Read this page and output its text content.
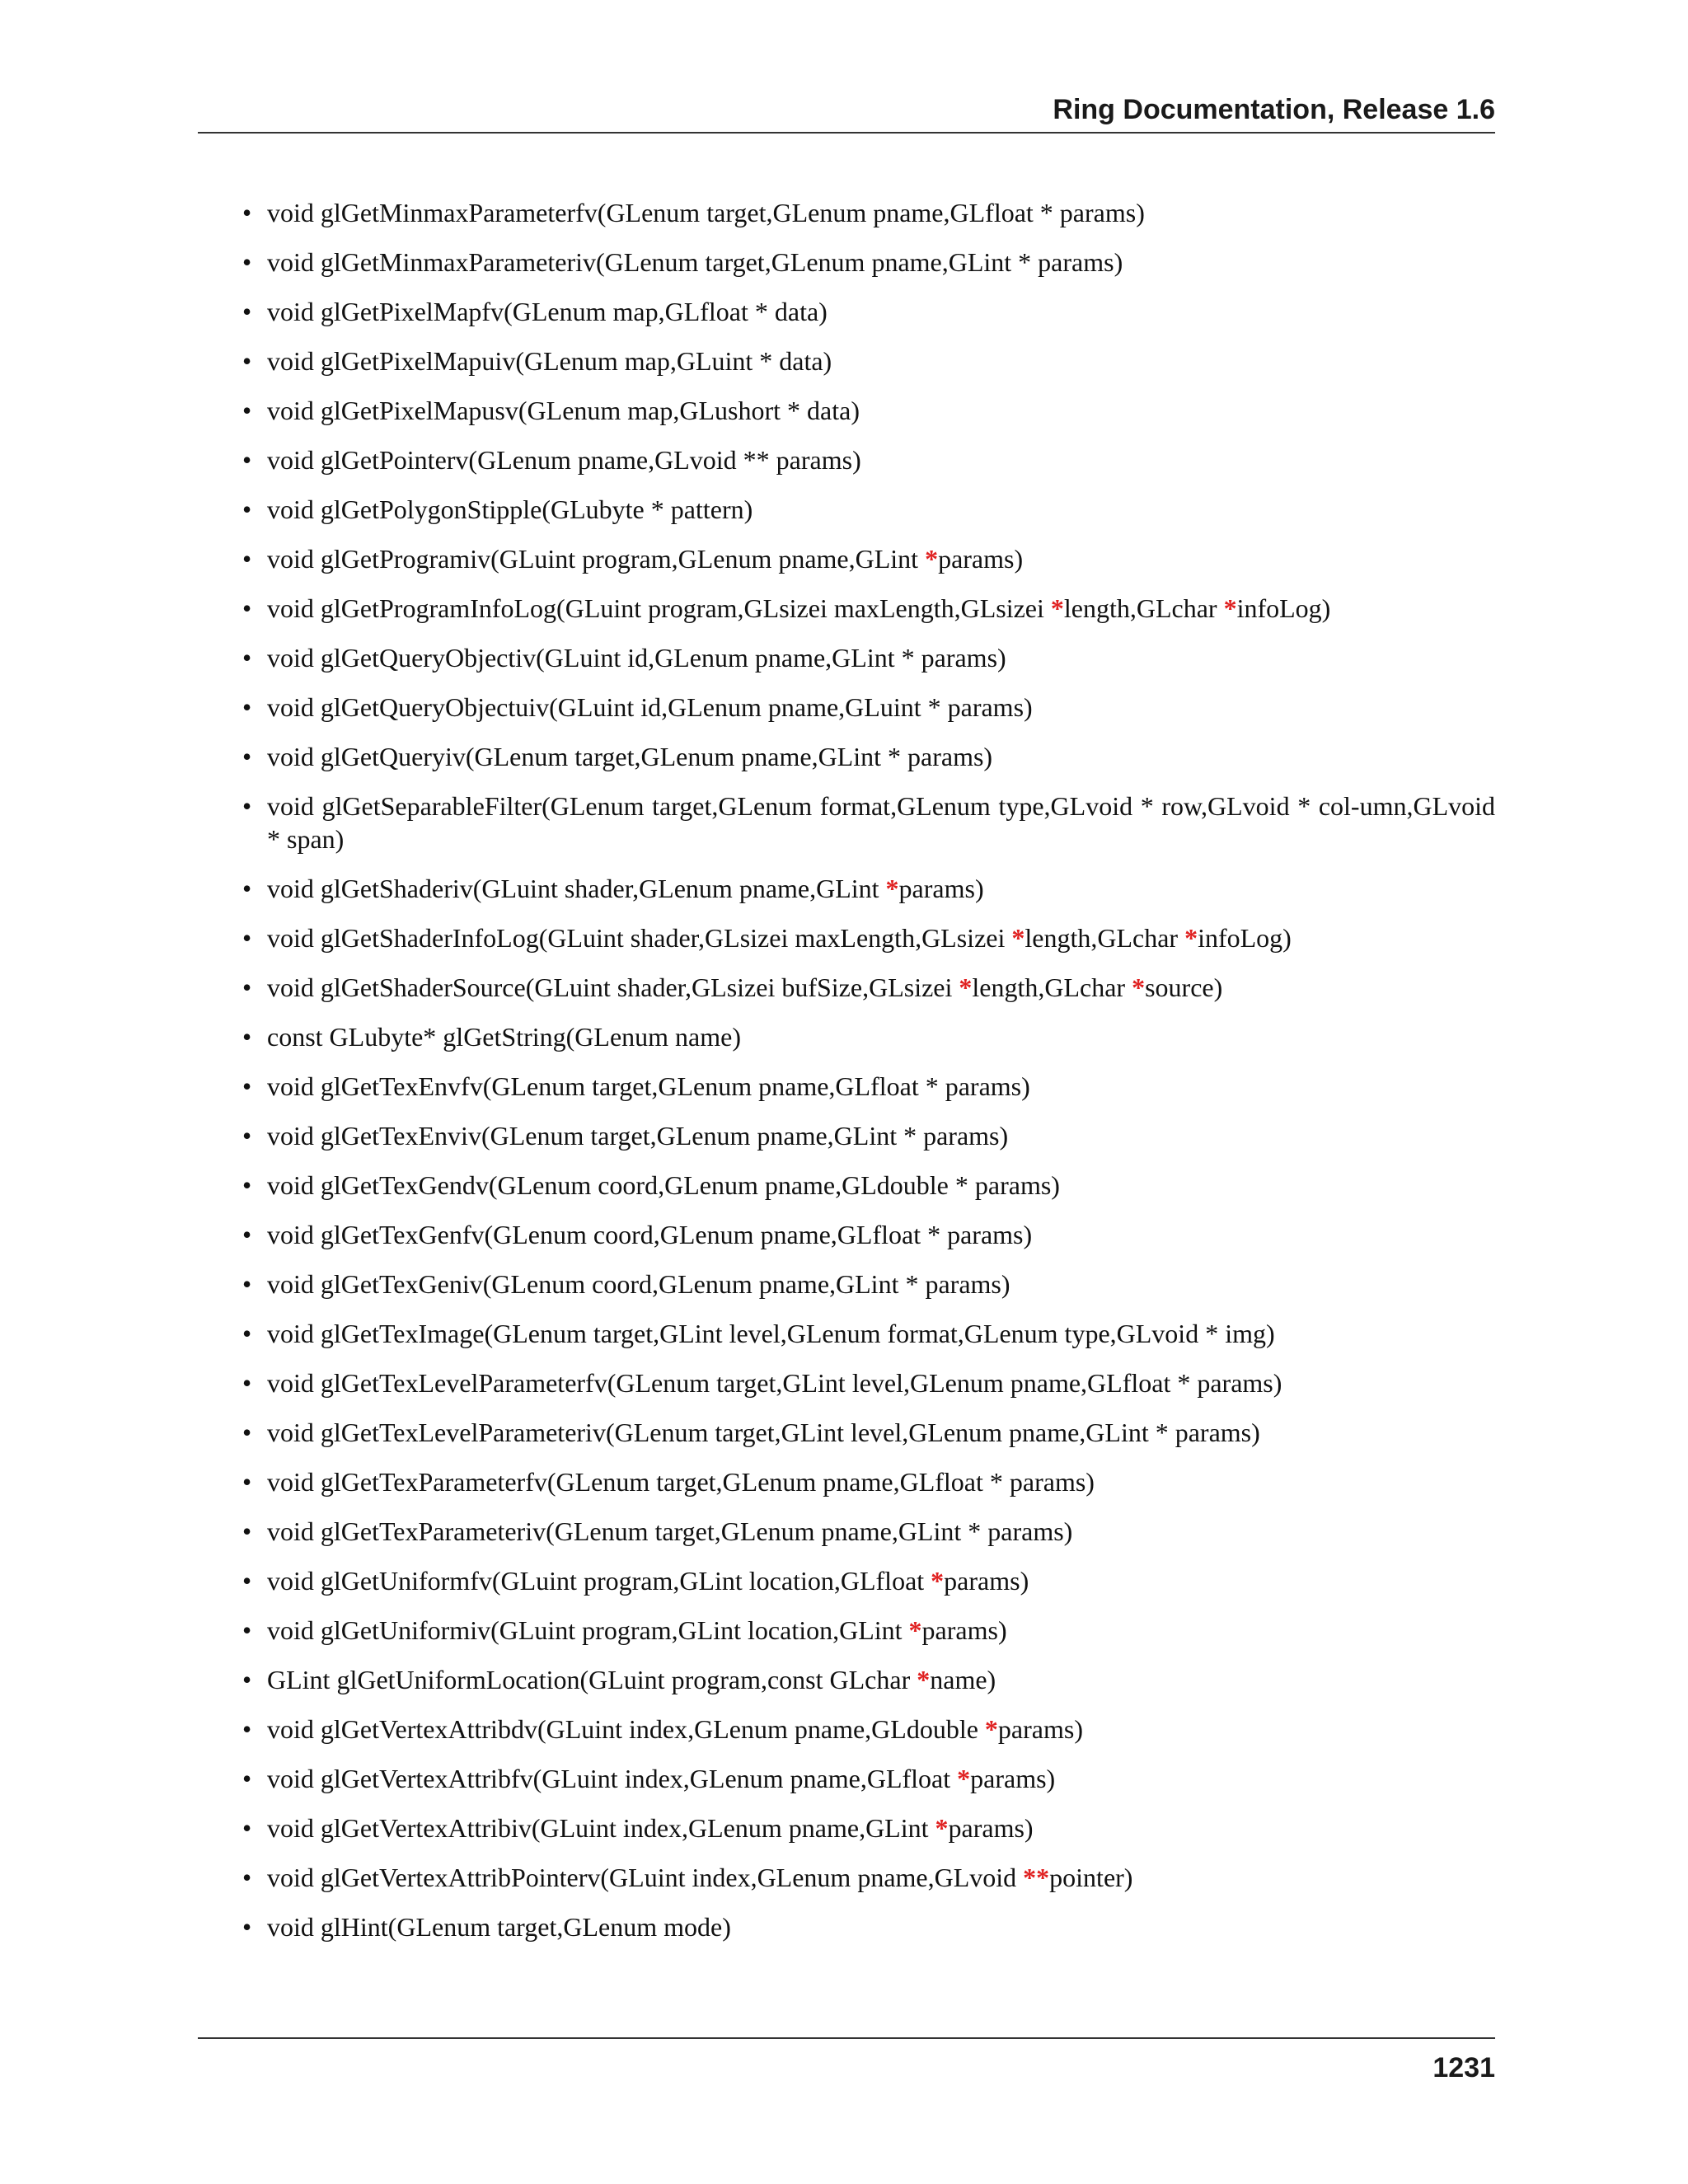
Ring Documentation, Release 1.6
• void glGetMinmaxParameterfv(GLenum target,GLenum pname,GLfloat * params)
• void glGetMinmaxParameteriv(GLenum target,GLenum pname,GLint * params)
• void glGetPixelMapfv(GLenum map,GLfloat * data)
• void glGetPixelMapuiv(GLenum map,GLuint * data)
• void glGetPixelMapusv(GLenum map,GLushort * data)
• void glGetPointerv(GLenum pname,GLvoid ** params)
• void glGetPolygonStipple(GLubyte * pattern)
• void glGetProgramiv(GLuint program,GLenum pname,GLint *params)
• void glGetProgramInfoLog(GLuint program,GLsizei maxLength,GLsizei *length,GLchar *infoLog)
• void glGetQueryObjectiv(GLuint id,GLenum pname,GLint * params)
• void glGetQueryObjectuiv(GLuint id,GLenum pname,GLuint * params)
• void glGetQueryiv(GLenum target,GLenum pname,GLint * params)
• void glGetSeparableFilter(GLenum target,GLenum format,GLenum type,GLvoid * row,GLvoid * col-umn,GLvoid * span)
• void glGetShaderiv(GLuint shader,GLenum pname,GLint *params)
• void glGetShaderInfoLog(GLuint shader,GLsizei maxLength,GLsizei *length,GLchar *infoLog)
• void glGetShaderSource(GLuint shader,GLsizei bufSize,GLsizei *length,GLchar *source)
• const GLubyte* glGetString(GLenum name)
• void glGetTexEnvfv(GLenum target,GLenum pname,GLfloat * params)
• void glGetTexEnviv(GLenum target,GLenum pname,GLint * params)
• void glGetTexGendv(GLenum coord,GLenum pname,GLdouble * params)
• void glGetTexGenfv(GLenum coord,GLenum pname,GLfloat * params)
• void glGetTexGeniv(GLenum coord,GLenum pname,GLint * params)
• void glGetTexImage(GLenum target,GLint level,GLenum format,GLenum type,GLvoid * img)
• void glGetTexLevelParameterfv(GLenum target,GLint level,GLenum pname,GLfloat * params)
• void glGetTexLevelParameteriv(GLenum target,GLint level,GLenum pname,GLint * params)
• void glGetTexParameterfv(GLenum target,GLenum pname,GLfloat * params)
• void glGetTexParameteriv(GLenum target,GLenum pname,GLint * params)
• void glGetUniformfv(GLuint program,GLint location,GLfloat *params)
• void glGetUniformiv(GLuint program,GLint location,GLint *params)
• GLint glGetUniformLocation(GLuint program,const GLchar *name)
• void glGetVertexAttribdv(GLuint index,GLenum pname,GLdouble *params)
• void glGetVertexAttribfv(GLuint index,GLenum pname,GLfloat *params)
• void glGetVertexAttribiv(GLuint index,GLenum pname,GLint *params)
• void glGetVertexAttribPointerv(GLuint index,GLenum pname,GLvoid **pointer)
• void glHint(GLenum target,GLenum mode)
1231
